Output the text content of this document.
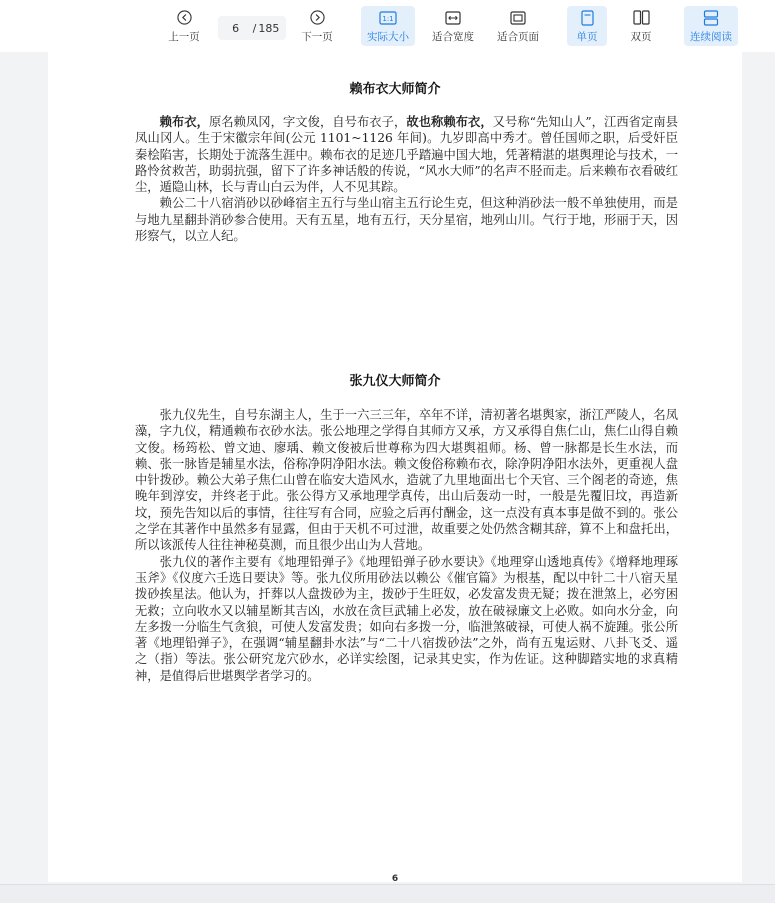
上一页
6	/ 185
下一页
1:1
实际大小 适合宽度 适合页面	单页	双页	连续阅读
赖布衣大师简介

赖布衣，原名赖凤冈，字文俊，自号布衣子，故也称赖布衣，又号称“先知山人”，江西省定南县凤山冈人。生于宋徽宗年间(公元 1101~1126 年间)。九岁即高中秀才。曾任国师之职，后受奸臣秦桧陷害，长期处于流落生涯中。赖布衣的足迹几乎踏遍中国大地，凭著精湛的堪舆理论与技术，一路怜贫救苦，助弱抗强，留下了许多神话般的传说，“风水大师”的名声不胫而走。后来赖布衣看破红尘，遁隐山林，长与青山白云为伴，人不见其踪。

赖公二十八宿消砂以砂峰宿主五行与坐山宿主五行论生克，但这种消砂法一般不单独使用，而是与地九星翻卦消砂参合使用。天有五星，地有五行，天分星宿，地列山川。气行于地，形丽于天，因形察气，以立人纪。

张九仪大师简介

张九仪先生，自号东湖主人，生于一六三三年，卒年不详，清初著名堪舆家，浙江严陵人，名凤藻，字九仪，精通赖布衣砂水法。张公地理之学得自其师方又承，方又承得自焦仁山，焦仁山得自赖文俊。杨筠松、曾文迪、廖瑀、赖文俊被后世尊称为四大堪舆祖师。杨、曾一脉都是长生水法，而赖、张一脉皆是辅星水法，俗称净阴净阳水法。赖文俊俗称赖布衣，除净阴净阳水法外，更重视人盘中针拨砂。赖公大弟子焦仁山曾在临安大造风水，造就了九里地面出七个天官、三个阁老的奇迹，焦晚年到淳安，并终老于此。张公得方又承地理学真传，出山后轰动一时，一般是先覆旧坟，再造新坟，预先告知以后的事情，往往写有合同，应验之后再付酬金，这一点没有真本事是做不到的。张公之学在其著作中虽然多有显露，但由于天机不可过泄，故重要之处仍然含糊其辞，算不上和盘托出，所以该派传人往往神秘莫测，而且很少出山为人营地。

张九仪的著作主要有《地理铅弹子》《地理铅弹子砂水要诀》《地理穿山透地真传》《增释地理琢玉斧》《仪度六壬选日要诀》等。张九仪所用砂法以赖公《催官篇》为根基，配以中针二十八宿天星拨砂挨星法。他认为，扦葬以人盘拨砂为主，拨砂于生旺奴，必发富发贵无疑；拨在泄煞上，必穷困无救；立向收水又以辅星断其吉凶，水放在贪巨武辅上必发，放在破禄廉文上必败。如向水分金，向左多拨一分临生气贪狼，可使人发富发贵；如向右多拨一分，临泄煞破禄，可使人祸不旋踵。张公所著《地理铅弹子》，在强调“辅星翻卦水法”与“二十八宿拨砂法”之外，尚有五鬼运财、八卦飞爻、遥之（指）等法。张公研究龙穴砂水，必详实绘图，记录其史实，作为佐证。这种脚踏实地的求真精神，是值得后世堪舆学者学习的。

6
